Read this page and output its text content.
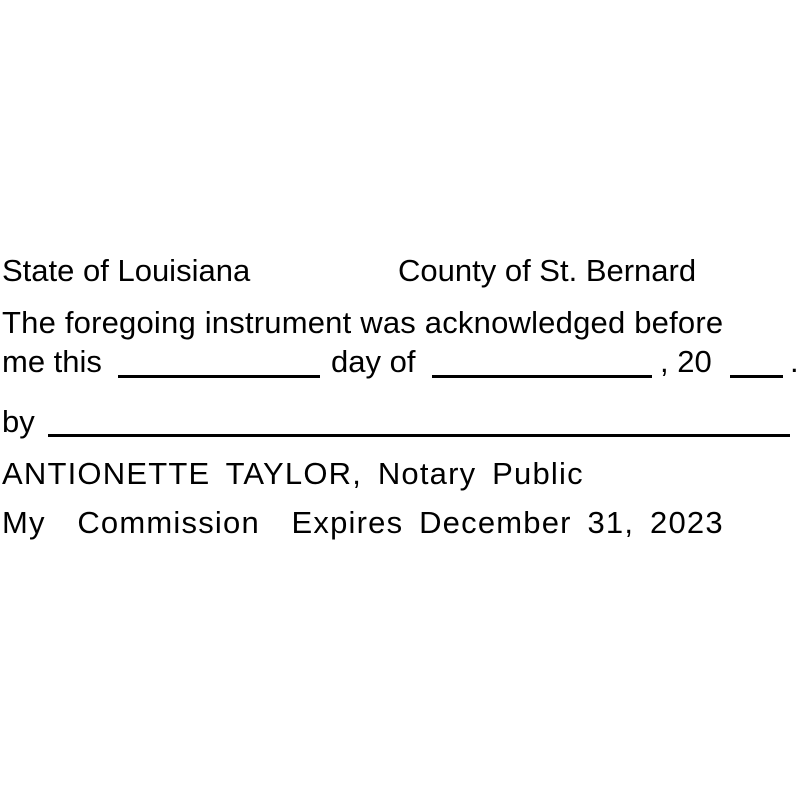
State of Louisiana	County of St. Bernard
The foregoing instrument was acknowledged before
me this	day of	, 20	.
by
ANTIONETTE TAYLOR, Notary Public
My  Commission  Expires December 31, 2023
